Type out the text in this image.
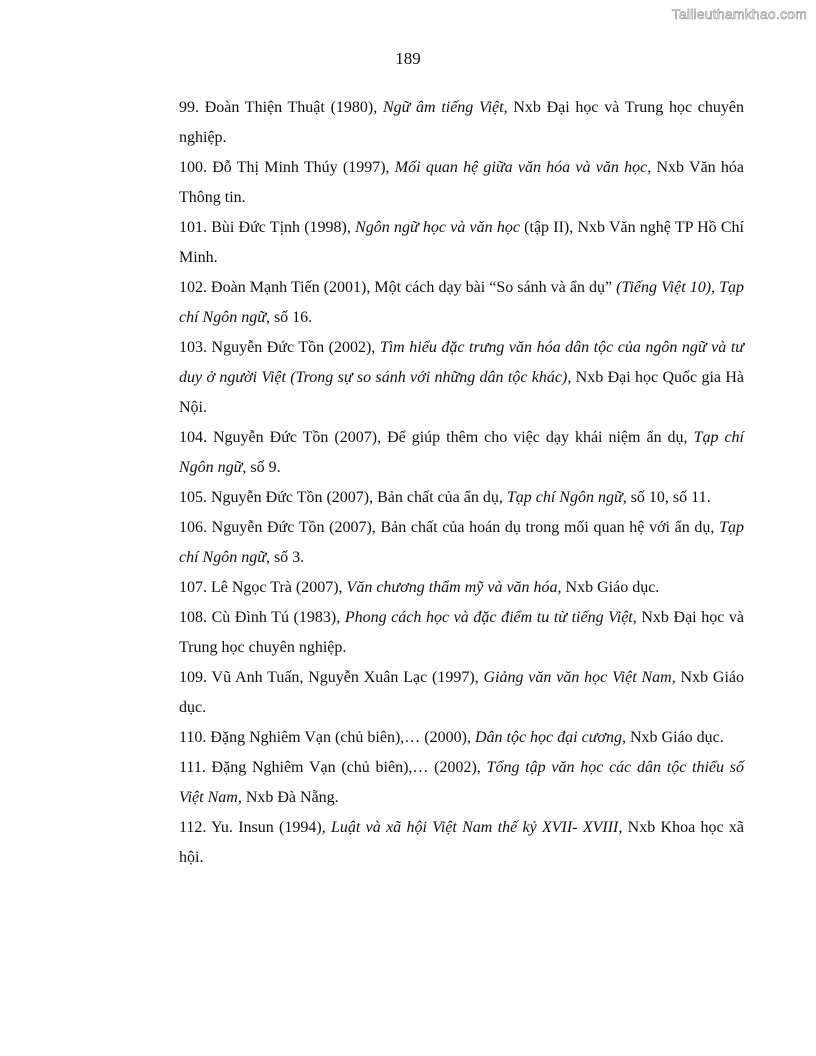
Tailieuthamkhao.com
189

99. Đoàn Thiện Thuật (1980), Ngữ âm tiếng Việt, Nxb Đại học và Trung học chuyên nghiệp.

100. Đỗ Thị Minh Thúy (1997), Mối quan hệ giữa văn hóa và văn học, Nxb Văn hóa Thông tin.

101. Bùi Đức Tịnh (1998), Ngôn ngữ học và văn học (tập II), Nxb Văn nghệ TP Hồ Chí Minh.

102. Đoàn Mạnh Tiến (2001), Một cách dạy bài “So sánh và ẩn dụ” (Tiếng Việt 10), Tạp chí Ngôn ngữ, số 16.

103. Nguyễn Đức Tồn (2002), Tìm hiểu đặc trưng văn hóa dân tộc của ngôn ngữ và tư duy ở người Việt (Trong sự so sánh với những dân tộc khác), Nxb Đại học Quốc gia Hà Nội.

104. Nguyễn Đức Tồn (2007), Để giúp thêm cho việc dạy khái niệm ẩn dụ, Tạp chí Ngôn ngữ, số 9.

105. Nguyễn Đức Tồn (2007), Bản chất của ẩn dụ, Tạp chí Ngôn ngữ, số 10, số 11.

106. Nguyễn Đức Tồn (2007), Bản chất của hoán dụ trong mối quan hệ với ẩn dụ, Tạp chí Ngôn ngữ, số 3.

107. Lê Ngọc Trà (2007), Văn chương thẩm mỹ và văn hóa, Nxb Giáo dục.

108. Cù Đình Tú (1983), Phong cách học và đặc điểm tu từ tiếng Việt, Nxb Đại học và Trung học chuyên nghiệp.

109. Vũ Anh Tuấn, Nguyễn Xuân Lạc (1997), Giảng văn văn học Việt Nam, Nxb Giáo dục.

110. Đặng Nghiêm Vạn (chủ biên),… (2000), Dân tộc học đại cương, Nxb Giáo dục.

111. Đặng Nghiêm Vạn (chủ biên),… (2002), Tổng tập văn học các dân tộc thiểu số Việt Nam, Nxb Đà Nẵng.

112. Yu. Insun (1994), Luật và xã hội Việt Nam thế kỷ XVII- XVIII, Nxb Khoa học xã hội.
